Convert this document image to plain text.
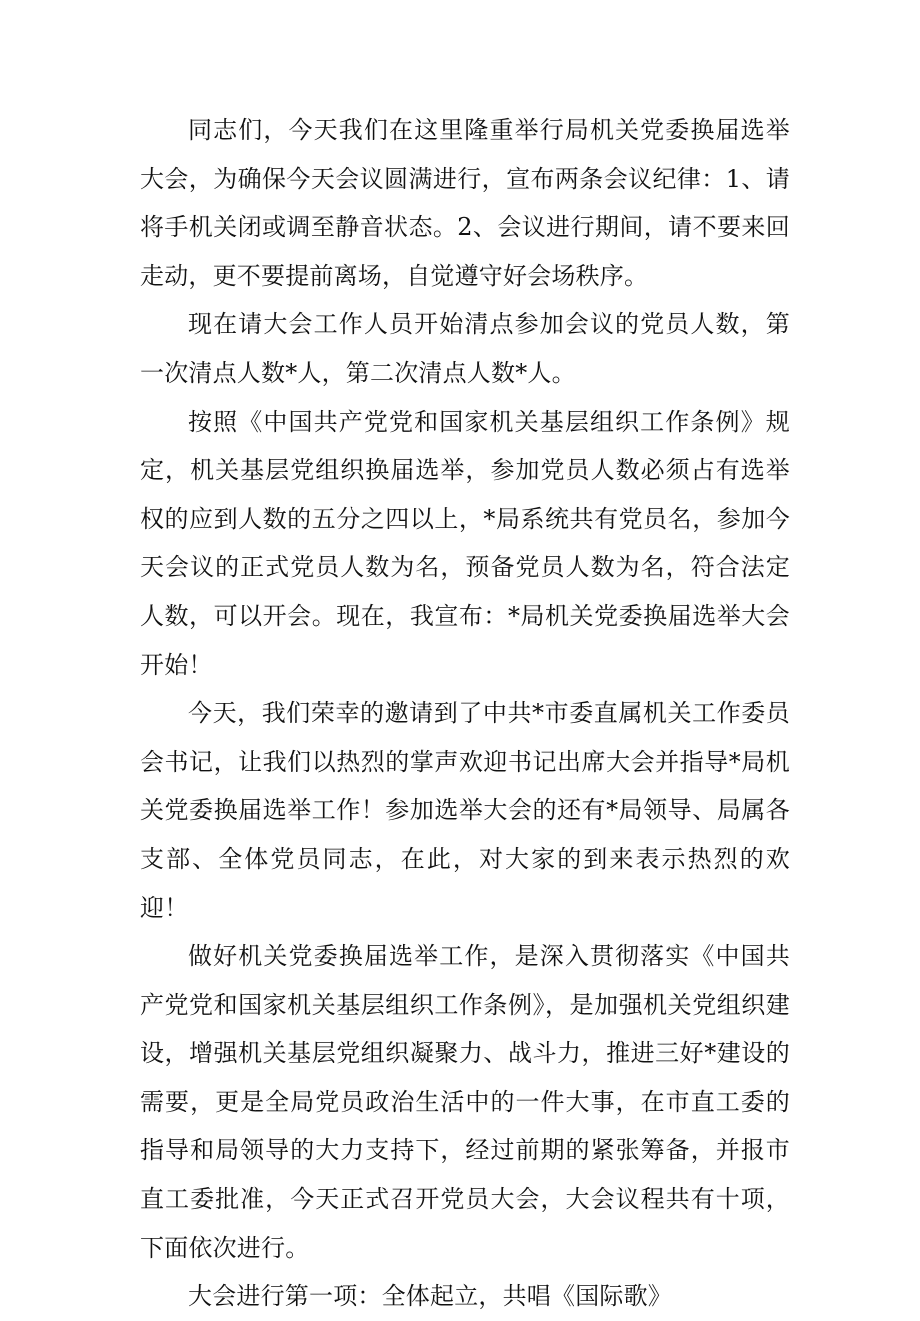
同志们，今天我们在这里隆重举行局机关党委换届选举大会，为确保今天会议圆满进行，宣布两条会议纪律：1、请将手机关闭或调至静音状态。2、会议进行期间，请不要来回走动，更不要提前离场，自觉遵守好会场秩序。

现在请大会工作人员开始清点参加会议的党员人数，第一次清点人数*人，第二次清点人数*人。

按照《中国共产党党和国家机关基层组织工作条例》规定，机关基层党组织换届选举，参加党员人数必须占有选举权的应到人数的五分之四以上，*局系统共有党员名，参加今天会议的正式党员人数为名，预备党员人数为名，符合法定人数，可以开会。现在，我宣布：*局机关党委换届选举大会开始！

今天，我们荣幸的邀请到了中共*市委直属机关工作委员会书记，让我们以热烈的掌声欢迎书记出席大会并指导*局机关党委换届选举工作！参加选举大会的还有*局领导、局属各支部、全体党员同志，在此，对大家的到来表示热烈的欢迎！

做好机关党委换届选举工作，是深入贯彻落实《中国共产党党和国家机关基层组织工作条例》，是加强机关党组织建设，增强机关基层党组织凝聚力、战斗力，推进三好*建设的需要，更是全局党员政治生活中的一件大事，在市直工委的指导和局领导的大力支持下，经过前期的紧张筹备，并报市直工委批准，今天正式召开党员大会，大会议程共有十项，下面依次进行。

大会进行第一项：全体起立，共唱《国际歌》
